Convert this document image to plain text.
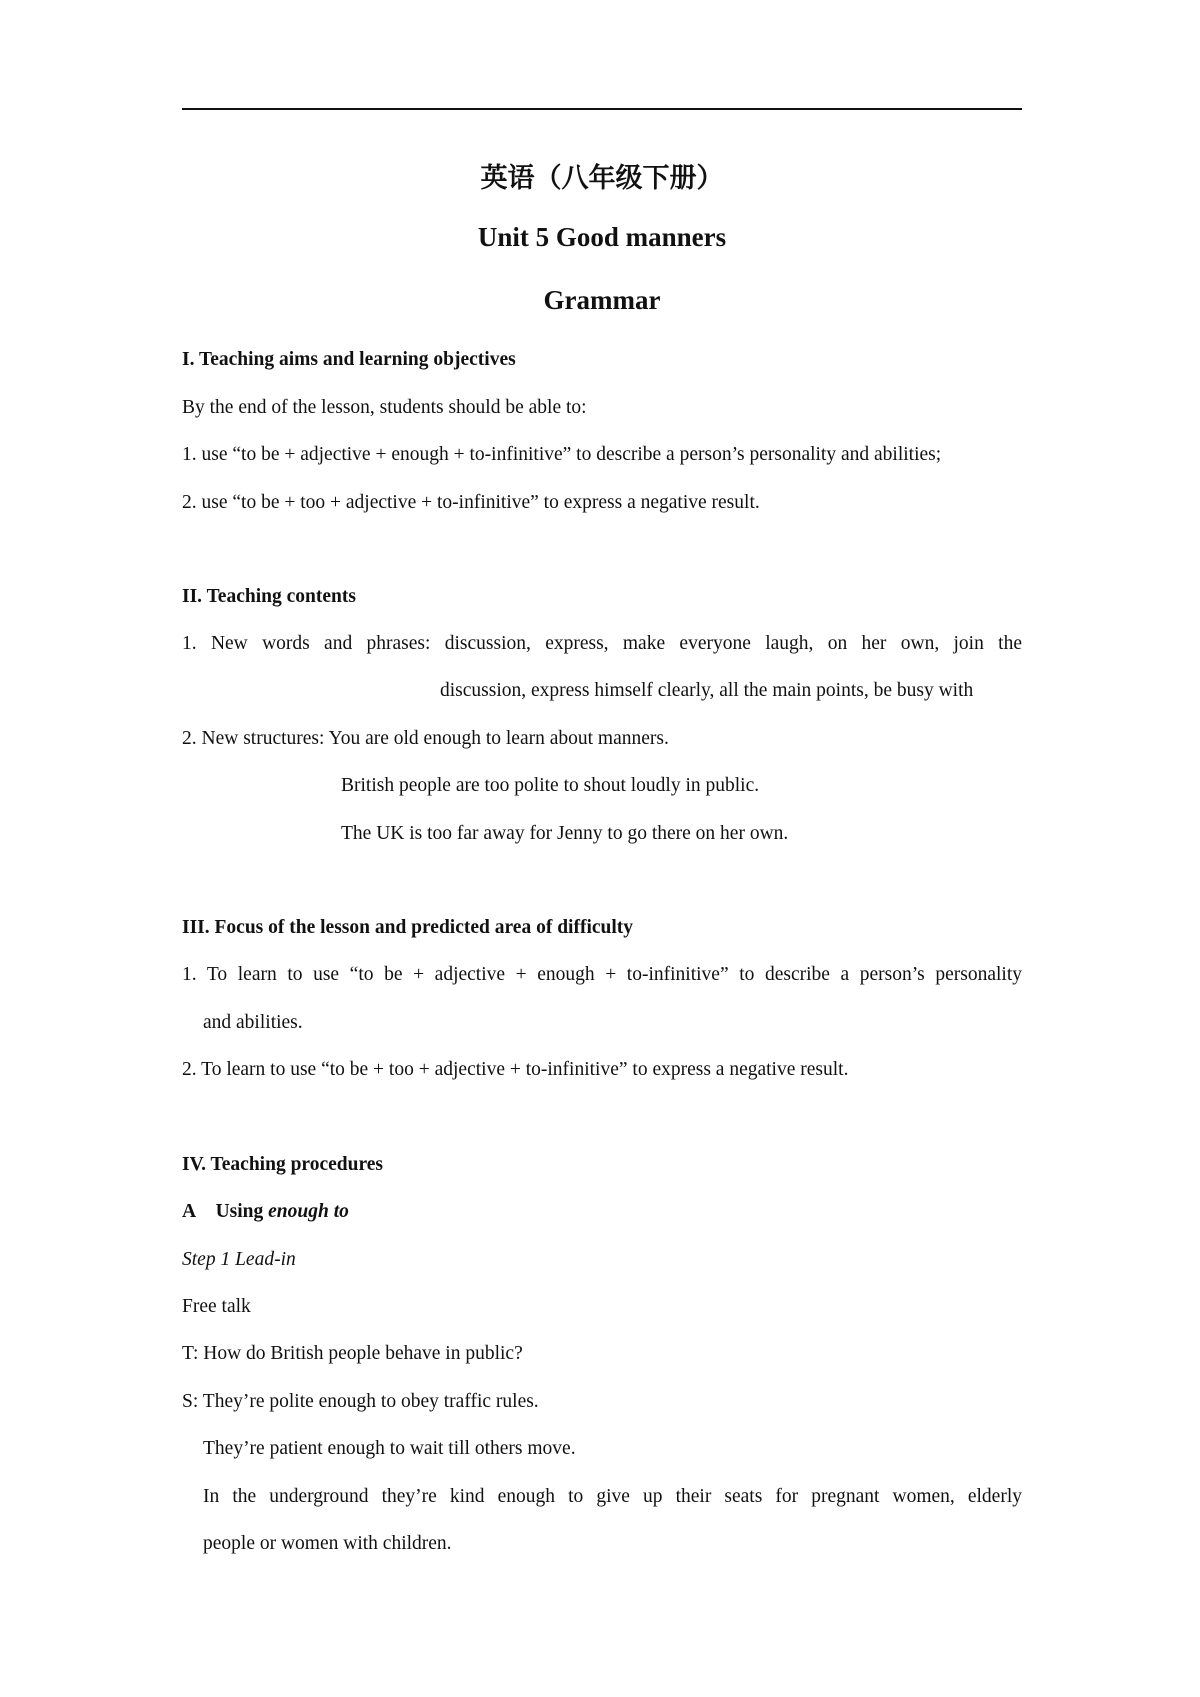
英语（八年级下册）
Unit 5 Good manners
Grammar
I. Teaching aims and learning objectives
By the end of the lesson, students should be able to:
1. use “to be + adjective + enough + to-infinitive” to describe a person’s personality and abilities;
2. use “to be + too + adjective + to-infinitive” to express a negative result.
II. Teaching contents
1. New words and phrases: discussion, express, make everyone laugh, on her own, join the
discussion, express himself clearly, all the main points, be busy with
2. New structures: You are old enough to learn about manners.
British people are too polite to shout loudly in public.
The UK is too far away for Jenny to go there on her own.
III. Focus of the lesson and predicted area of difficulty
1. To learn to use “to be + adjective + enough + to-infinitive” to describe a person’s personality
and abilities.
2. To learn to use “to be + too + adjective + to-infinitive” to express a negative result.
IV. Teaching procedures
A    Using enough to
Step 1 Lead-in
Free talk
T: How do British people behave in public?
S: They’re polite enough to obey traffic rules.
They’re patient enough to wait till others move.
In the underground they’re kind enough to give up their seats for pregnant women, elderly
people or women with children.
